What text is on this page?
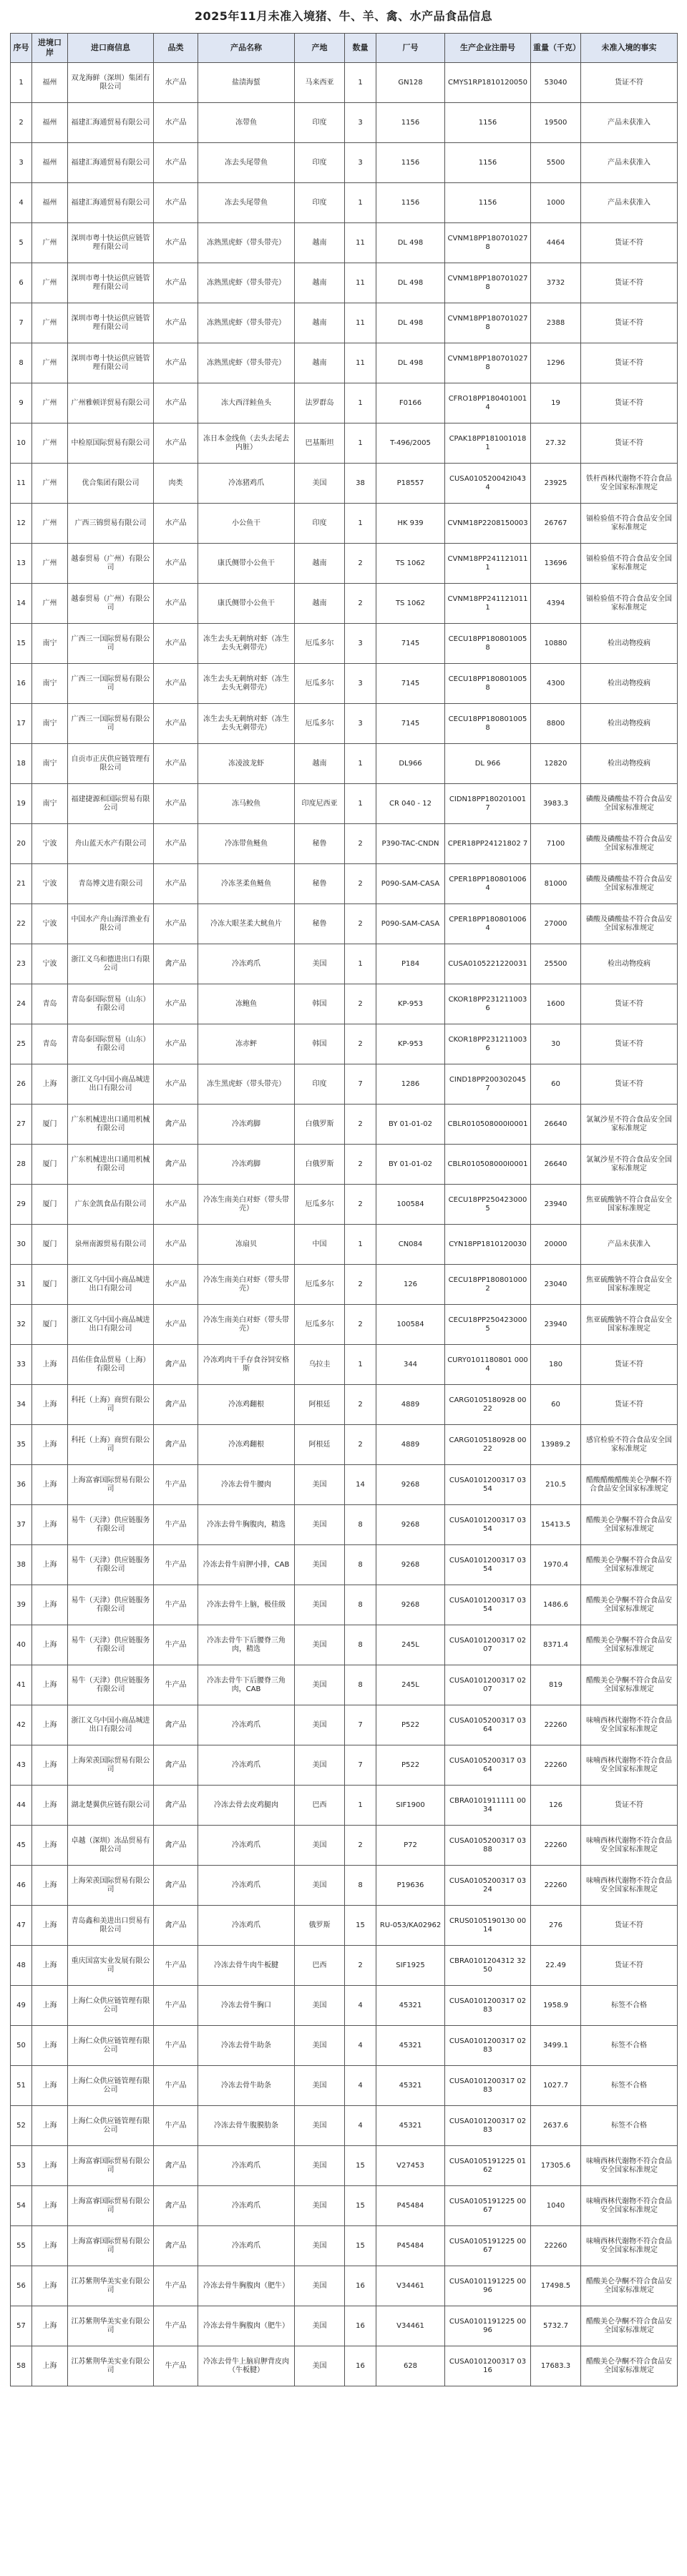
2025年11月未准入境猪、牛、羊、禽、水产品食品信息
序号	进境口岸	进口商信息	品类	产品名称	产地	数量	厂号	生产企业注册号	重量（千克）	未准入境的事实
1	福州	双龙海鲜（深圳）集团有限公司	水产品	盐渍海蜇	马来西亚	1	GN128	CMYS1RP1810120050	53040	货证不符
2	福州	福建汇海通贸易有限公司	水产品	冻带鱼	印度	3	1156	1156	19500	产品未获准入
3	福州	福建汇海通贸易有限公司	水产品	冻去头尾带鱼	印度	3	1156	1156	5500	产品未获准入
4	福州	福建汇海通贸易有限公司	水产品	冻去头尾带鱼	印度	1	1156	1156	1000	产品未获准入
5	广州	深圳市粤十快运供应链管理有限公司	水产品	冻熟黑虎虾（带头带壳）	越南	11	DL 498	CVNM18PP1807010278	4464	货证不符
6	广州	深圳市粤十快运供应链管理有限公司	水产品	冻熟黑虎虾（带头带壳）	越南	11	DL 498	CVNM18PP1807010278	3732	货证不符
7	广州	深圳市粤十快运供应链管理有限公司	水产品	冻熟黑虎虾（带头带壳）	越南	11	DL 498	CVNM18PP1807010278	2388	货证不符
8	广州	深圳市粤十快运供应链管理有限公司	水产品	冻熟黑虎虾（带头带壳）	越南	11	DL 498	CVNM18PP1807010278	1296	货证不符
9	广州	广州雅顿详贸易有限公司	水产品	冻大西洋鲑鱼头	法罗群岛	1	F0166	CFRO18PP1804010014	19	货证不符
10	广州	中检原国际贸易有限公司	水产品	冻日本金线鱼（去头去尾去内脏）	巴基斯坦	1	T-496/2005	CPAK18PP1810010181	27.32	货证不符
11	广州	优合集团有限公司	肉类	冷冻猪鸡爪	美国	38	P18557	CUSA010520042I0434	23925	铁杆西林代谢物不符合食品安全国家标准规定
12	广州	广西三锦贸易有限公司	水产品	小公鱼干	印度	1	HK 939	CVNM18P2208150003	26767	镉检验值不符合食品安全国家标准规定
13	广州	越泰贸易（广州）有限公司	水产品	康氏侧带小公鱼干	越南	2	TS 1062	CVNM18PP2411210111	13696	镉检验值不符合食品安全国家标准规定
14	广州	越泰贸易（广州）有限公司	水产品	康氏侧带小公鱼干	越南	2	TS 1062	CVNM18PP2411210111	4394	镉检验值不符合食品安全国家标准规定
15	南宁	广西三一国际贸易有限公司	水产品	冻生去头无刺纳对虾（冻生去头无刺带壳）	厄瓜多尔	3	7145	CECU18PP1808010058	10880	检出动物疫病
16	南宁	广西三一国际贸易有限公司	水产品	冻生去头无刺纳对虾（冻生去头无刺带壳）	厄瓜多尔	3	7145	CECU18PP1808010058	4300	检出动物疫病
17	南宁	广西三一国际贸易有限公司	水产品	冻生去头无刺纳对虾（冻生去头无刺带壳）	厄瓜多尔	3	7145	CECU18PP1808010058	8800	检出动物疫病
18	南宁	自贡市正庆供应链管理有限公司	水产品	冻凌波龙虾	越南	1	DL966	DL 966	12820	检出动物疫病
19	南宁	福建捷源和国际贸易有限公司	水产品	冻马鲛鱼	印度尼西亚	1	CR 040 - 12	CIDN18PP1802010017	3983.3	磷酸及磷酸盐不符合食品安全国家标准规定
20	宁波	舟山蓝天水产有限公司	水产品	冷冻带鱼鲢鱼	秘鲁	2	P390-TAC-CNDN	CPER18PP24121802 7	7100	磷酸及磷酸盐不符合食品安全国家标准规定
21	宁波	青岛博文进有限公司	水产品	冷冻茎柔鱼鲢鱼	秘鲁	2	P090-SAM-CASA	CPER18PP1808010064	81000	磷酸及磷酸盐不符合食品安全国家标准规定
22	宁波	中国水产舟山海洋渔业有限公司	水产品	冷冻大眼茎柔大鱿鱼片	秘鲁	2	P090-SAM-CASA	CPER18PP1808010064	27000	磷酸及磷酸盐不符合食品安全国家标准规定
23	宁波	浙江义乌和德进出口有限公司	禽产品	冷冻鸡爪	美国	1	P184	CUSA0105221220031	25500	检出动物疫病
24	青岛	青岛泰国际贸易（山东）有限公司	水产品	冻鲍鱼	韩国	2	KP-953	CKOR18PP2312110036	1600	货证不符
25	青岛	青岛泰国际贸易（山东）有限公司	水产品	冻赤鲆	韩国	2	KP-953	CKOR18PP2312110036	30	货证不符
26	上海	浙江义乌中国小商品城进出口有限公司	水产品	冻生黑虎虾（带头带壳）	印度	7	1286	CIND18PP2003020457	60	货证不符
27	厦门	广东机械进出口通用机械有限公司	禽产品	冷冻鸡脚	白俄罗斯	2	BY 01-01-02	CBLR010508000I0001	26640	氯氟沙星不符合食品安全国家标准规定
28	厦门	广东机械进出口通用机械有限公司	禽产品	冷冻鸡脚	白俄罗斯	2	BY 01-01-02	CBLR010508000I0001	26640	氯氟沙星不符合食品安全国家标准规定
29	厦门	广东金凯食品有限公司	水产品	冷冻生南美白对虾（带头带壳）	厄瓜多尔	2	100584	CECU18PP2504230005	23940	焦亚硫酸钠不符合食品安全国家标准规定
30	厦门	泉州南源贸易有限公司	水产品	冻扇贝	中国	1	CN084	CYN18PP1810120030	20000	产品未获准入
31	厦门	浙江义乌中国小商品城进出口有限公司	水产品	冷冻生南美白对虾（带头带壳）	厄瓜多尔	2	126	CECU18PP1808010002	23040	焦亚硫酸钠不符合食品安全国家标准规定
32	厦门	浙江义乌中国小商品城进出口有限公司	水产品	冷冻生南美白对虾（带头带壳）	厄瓜多尔	2	100584	CECU18PP2504230005	23940	焦亚硫酸钠不符合食品安全国家标准规定
33	上海	昌佑佳食品贸易（上海）有限公司	禽产品	冷冻鸡肉干手存食谷饲安格斯	乌拉圭	1	344	CURY0101180801 0004	180	货证不符
34	上海	科托（上海）商贸有限公司	禽产品	冷冻鸡翻根	阿根廷	2	4889	CARG0105180928 0022	60	货证不符
35	上海	科托（上海）商贸有限公司	禽产品	冷冻鸡翻根	阿根廷	2	4889	CARG0105180928 0022	13989.2	感官检验不符合食品安全国家标准规定
36	上海	上海富睿国际贸易有限公司	牛产品	冷冻去骨牛腰肉	美国	14	9268	CUSA0101200317 0354	210.5	醋酸醋酸醋酸美仑孕酮不符合食品安全国家标准规定
37	上海	易牛（天津）供应链服务有限公司	牛产品	冷冻去骨牛胸腹肉，精选	美国	8	9268	CUSA0101200317 0354	15413.5	醋酸美仑孕酮不符合食品安全国家标准规定
38	上海	易牛（天津）供应链服务有限公司	牛产品	冷冻去骨牛肩胛小排，CAB	美国	8	9268	CUSA0101200317 0354	1970.4	醋酸美仑孕酮不符合食品安全国家标准规定
39	上海	易牛（天津）供应链服务有限公司	牛产品	冷冻去骨牛上脑，极佳级	美国	8	9268	CUSA0101200317 0354	1486.6	醋酸美仑孕酮不符合食品安全国家标准规定
40	上海	易牛（天津）供应链服务有限公司	牛产品	冷冻去骨牛下后腰脊三角肉，精选	美国	8	245L	CUSA0101200317 0207	8371.4	醋酸美仑孕酮不符合食品安全国家标准规定
41	上海	易牛（天津）供应链服务有限公司	牛产品	冷冻去骨牛下后腰脊三角肉，CAB	美国	8	245L	CUSA0101200317 0207	819	醋酸美仑孕酮不符合食品安全国家标准规定
42	上海	浙江义乌中国小商品城进出口有限公司	禽产品	冷冻鸡爪	美国	7	P522	CUSA0105200317 0364	22260	味喃西林代谢物不符合食品安全国家标准规定
43	上海	上海荣羡国际贸易有限公司	禽产品	冷冻鸡爪	美国	7	P522	CUSA0105200317 0364	22260	味喃西林代谢物不符合食品安全国家标准规定
44	上海	湖北楚翼供应链有限公司	禽产品	冷冻去骨去皮鸡腿肉	巴西	1	SIF1900	CBRA0101911111 0034	126	货证不符
45	上海	卓越（深圳）冻品贸易有限公司	禽产品	冷冻鸡爪	美国	2	P72	CUSA0105200317 0388	22260	味喃西林代谢物不符合食品安全国家标准规定
46	上海	上海荣羡国际贸易有限公司	禽产品	冷冻鸡爪	美国	8	P19636	CUSA0105200317 0324	22260	味喃西林代谢物不符合食品安全国家标准规定
47	上海	青岛鑫和美进出口贸易有限公司	禽产品	冷冻鸡爪	俄罗斯	15	RU-053/KA02962	CRUS0105190130 0014	276	货证不符
48	上海	重庆国富实业发展有限公司	牛产品	冷冻去骨牛肉牛板腱	巴西	2	SIF1925	CBRA0101204312 3250	22.49	货证不符
49	上海	上海仁众供应链管理有限公司	牛产品	冷冻去骨牛胸口	美国	4	45321	CUSA0101200317 0283	1958.9	标签不合格
50	上海	上海仁众供应链管理有限公司	牛产品	冷冻去骨牛助条	美国	4	45321	CUSA0101200317 0283	3499.1	标签不合格
51	上海	上海仁众供应链管理有限公司	牛产品	冷冻去骨牛助条	美国	4	45321	CUSA0101200317 0283	1027.7	标签不合格
52	上海	上海仁众供应链管理有限公司	牛产品	冷冻去骨牛腹膜肋条	美国	4	45321	CUSA0101200317 0283	2637.6	标签不合格
53	上海	上海富睿国际贸易有限公司	禽产品	冷冻鸡爪	美国	15	V27453	CUSA0105191225 0162	17305.6	味喃西林代谢物不符合食品安全国家标准规定
54	上海	上海富睿国际贸易有限公司	禽产品	冷冻鸡爪	美国	15	P45484	CUSA0105191225 0067	1040	味喃西林代谢物不符合食品安全国家标准规定
55	上海	上海富睿国际贸易有限公司	禽产品	冷冻鸡爪	美国	15	P45484	CUSA0105191225 0067	22260	味喃西林代谢物不符合食品安全国家标准规定
56	上海	江苏紫荆华美实业有限公司	牛产品	冷冻去骨牛胸腹肉（肥牛）	美国	16	V34461	CUSA0101191225 0096	17498.5	醋酸美仑孕酮不符合食品安全国家标准规定
57	上海	江苏紫荆华美实业有限公司	牛产品	冷冻去骨牛胸腹肉（肥牛）	美国	16	V34461	CUSA0101191225 0096	5732.7	醋酸美仑孕酮不符合食品安全国家标准规定
58	上海	江苏紫荆华美实业有限公司	牛产品	冷冻去骨牛上脑肩胛背皮肉（牛板腱）	美国	16	628	CUSA0101200317 0316	17683.3	醋酸美仑孕酮不符合食品安全国家标准规定
